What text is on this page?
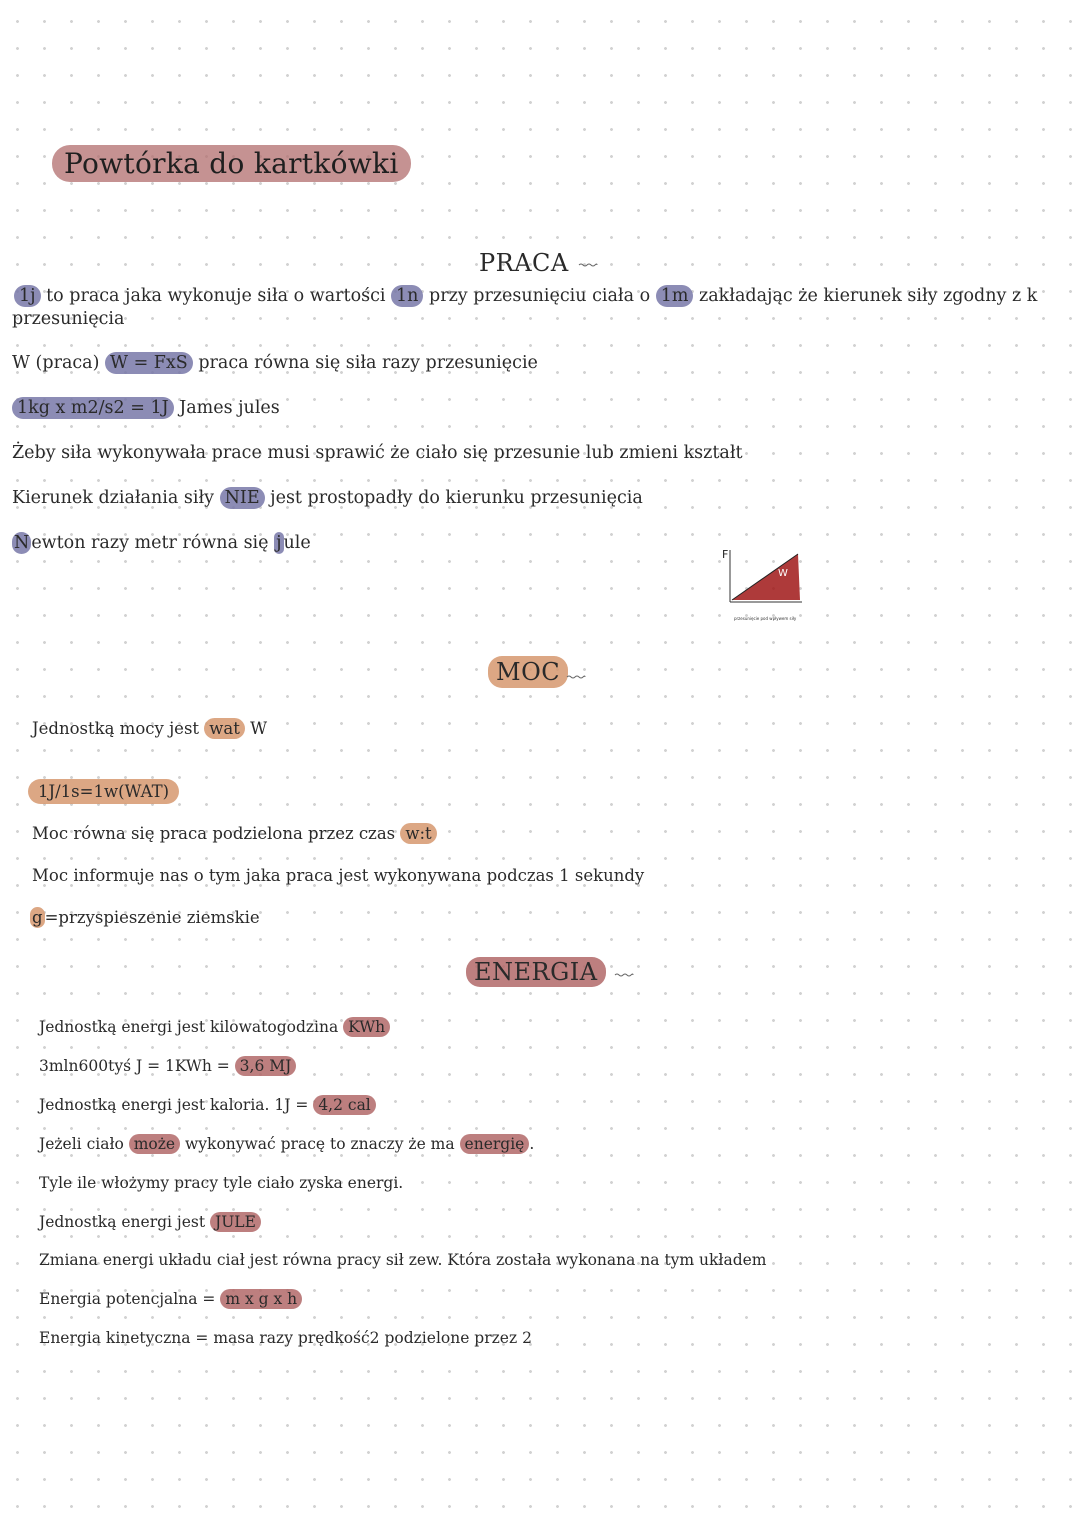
Powtórka do kartkówki
PRACA
1j to praca jaka wykonuje siła o wartości 1n przy przesunięciu ciała o 1m zakładając że kierunek siły zgodny z k
przesunięcia
W (praca) W = FxS praca równa się siła razy przesunięcie
1kg x m2/s2 = 1J James jules
Żeby siła wykonywała prace musi sprawić że ciało się przesunie lub zmieni kształt
Kierunek działania siły NIE jest prostopadły do kierunku przesunięcia
N ewton razy metr równa się j ule
F
W
przesunięcie pod wpływem siły
MOC
Jednostką mocy jest wat W
1J/1s=1w(WAT)
Moc równa się praca podzielona przez czas w:t
Moc informuje nas o tym jaka praca jest wykonywana podczas 1 sekundy
g =przyspieszenie ziemskie
ENERGIA
Jednostką energi jest kilowatogodzina KWh
3mln600tyś J = 1KWh = 3,6 MJ
Jednostką energi jest kaloria. 1J = 4,2 cal
Jeżeli ciało może wykonywać pracę to znaczy że ma energię .
Tyle ile włożymy pracy tyle ciało zyska energi.
Jednostką energi jest JULE
Zmiana energi układu ciał jest równa pracy sił zew. Która została wykonana na tym układem
Energia potencjalna = m x g x h
Energia kinetyczna = masa razy prędkość2 podzielone przez 2
